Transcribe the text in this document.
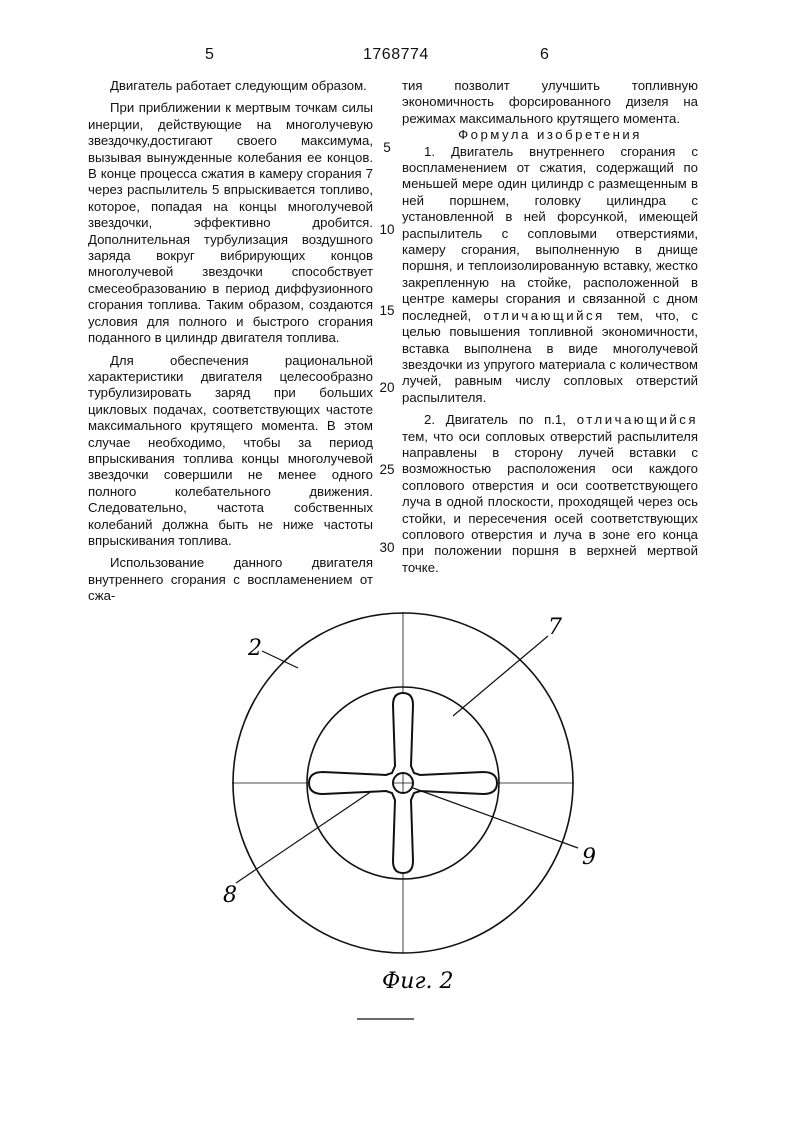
5	1768774	6

Двигатель работает следующим образом.

При приближении к мертвым точкам силы инерции, действующие на многолучевую звездочку,достигают своего максимума, вызывая вынужденные колебания ее концов. В конце процесса сжатия в камеру сгорания 7 через распылитель 5 впрыскивается топливо, которое, попадая на концы многолучевой звездочки, эффективно дробится. Дополнительная турбулизация воздушного заряда вокруг вибрирующих концов многолучевой звездочки способствует смесеобразованию в период диффузионного сгорания топлива. Таким образом, создаются условия для полного и быстрого сгорания поданного в цилиндр двигателя топлива.

Для обеспечения рациональной характеристики двигателя целесообразно турбулизировать заряд при больших цикловых подачах, соответствующих частоте максимального крутящего момента. В этом случае необходимо, чтобы за период впрыскивания топлива концы многолучевой звездочки совершили не менее одного полного колебательного движения. Следовательно, частота собственных колебаний должна быть не ниже частоты впрыскивания топлива.

Использование данного двигателя внутреннего сгорания с воспламенением от сжа-

5
10
15
20
25
30

тия позволит улучшить топливную экономичность форсированного дизеля на режимах максимального крутящего момента.

Формула изобретения

1. Двигатель внутреннего сгорания с воспламенением от сжатия, содержащий по меньшей мере один цилиндр с размещенным в ней поршнем, головку цилиндра с установленной в ней форсункой, имеющей распылитель с сопловыми отверстиями, камеру сгорания, выполненную в днище поршня, и теплоизолированную вставку, жестко закрепленную на стойке, расположенной в центре камеры сгорания и связанной с дном последней, отличающийся тем, что, с целью повышения топливной экономичности, вставка выполнена в виде многолучевой звездочки из упругого материала с количеством лучей, равным числу сопловых отверстий распылителя.

2. Двигатель по п.1, отличающийся тем, что оси сопловых отверстий распылителя направлены в сторону лучей вставки с возможностью расположения оси каждого соплового отверстия и оси соответствующего луча в одной плоскости, проходящей через ось стойки, и пересечения осей соответствующих соплового отверстия и луча в зоне его конца при положении поршня в верхней мертвой точке.

2
7
8
9
Фиг. 2
